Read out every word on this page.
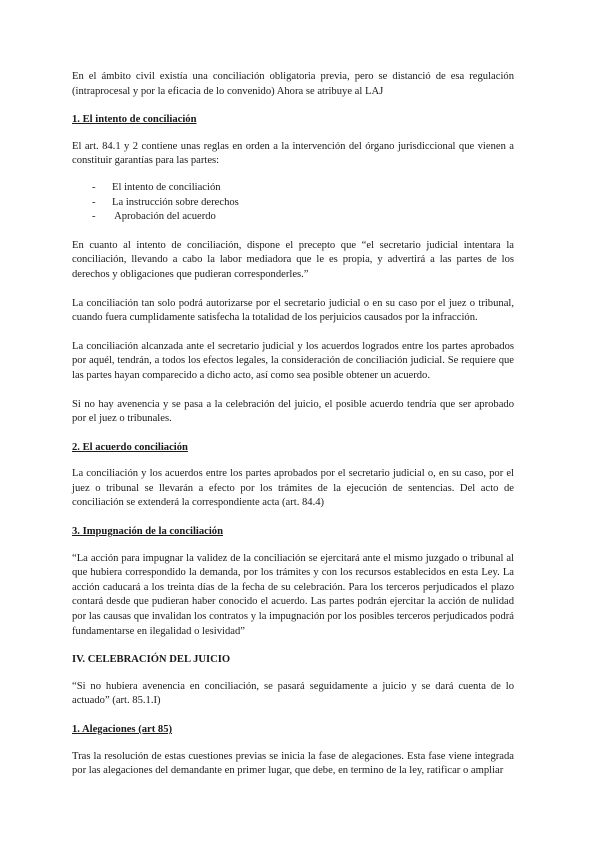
En el ámbito civil existía una conciliación obligatoria previa, pero se distanció de esa regulación (intraprocesal y por la eficacia de lo convenido) Ahora se atribuye al LAJ

1. El intento de conciliación

El art. 84.1 y 2 contiene unas reglas en orden a la intervención del órgano jurisdiccional que vienen a constituir garantías para las partes:

-	El intento de conciliación
-	La instrucción sobre derechos
-	Aprobación del acuerdo

En cuanto al intento de conciliación, dispone el precepto que “el secretario judicial intentara la conciliación, llevando a cabo la labor mediadora que le es propia, y advertirá a las partes de los derechos y obligaciones que pudieran corresponderles.”

La conciliación tan solo podrá autorizarse por el secretario judicial o en su caso por el juez o tribunal, cuando fuera cumplidamente satisfecha la totalidad de los perjuicios causados por la infracción.

La conciliación alcanzada ante el secretario judicial y los acuerdos logrados entre los partes aprobados por aquél, tendrán, a todos los efectos legales, la consideración de conciliación judicial. Se requiere que las partes hayan comparecido a dicho acto, así como sea posible obtener un acuerdo.

Si no hay avenencia y se pasa a la celebración del juicio, el posible acuerdo tendría que ser aprobado por el juez o tribunales.

2. El acuerdo conciliación

La conciliación y los acuerdos entre los partes aprobados por el secretario judicial o, en su caso, por el juez o tribunal se llevarán a efecto por los trámites de la ejecución de sentencias. Del acto de conciliación se extenderá la correspondiente acta (art. 84.4)

3. Impugnación de la conciliación

“La acción para impugnar la validez de la conciliación se ejercitará ante el mismo juzgado o tribunal al que hubiera correspondido la demanda, por los trámites y con los recursos establecidos en esta Ley. La acción caducará a los treinta días de la fecha de su celebración. Para los terceros perjudicados el plazo contará desde que pudieran haber conocido el acuerdo. Las partes podrán ejercitar la acción de nulidad por las causas que invalidan los contratos y la impugnación por los posibles terceros perjudicados podrá fundamentarse en ilegalidad o lesividad”

IV. CELEBRACIÓN DEL JUICIO

“Si no hubiera avenencia en conciliación, se pasará seguidamente a juicio y se dará cuenta de lo actuado” (art. 85.1.I)

1. Alegaciones (art 85)

Tras la resolución de estas cuestiones previas se inicia la fase de alegaciones. Esta fase viene integrada por las alegaciones del demandante en primer lugar, que debe, en termino de la ley, ratificar o ampliar
